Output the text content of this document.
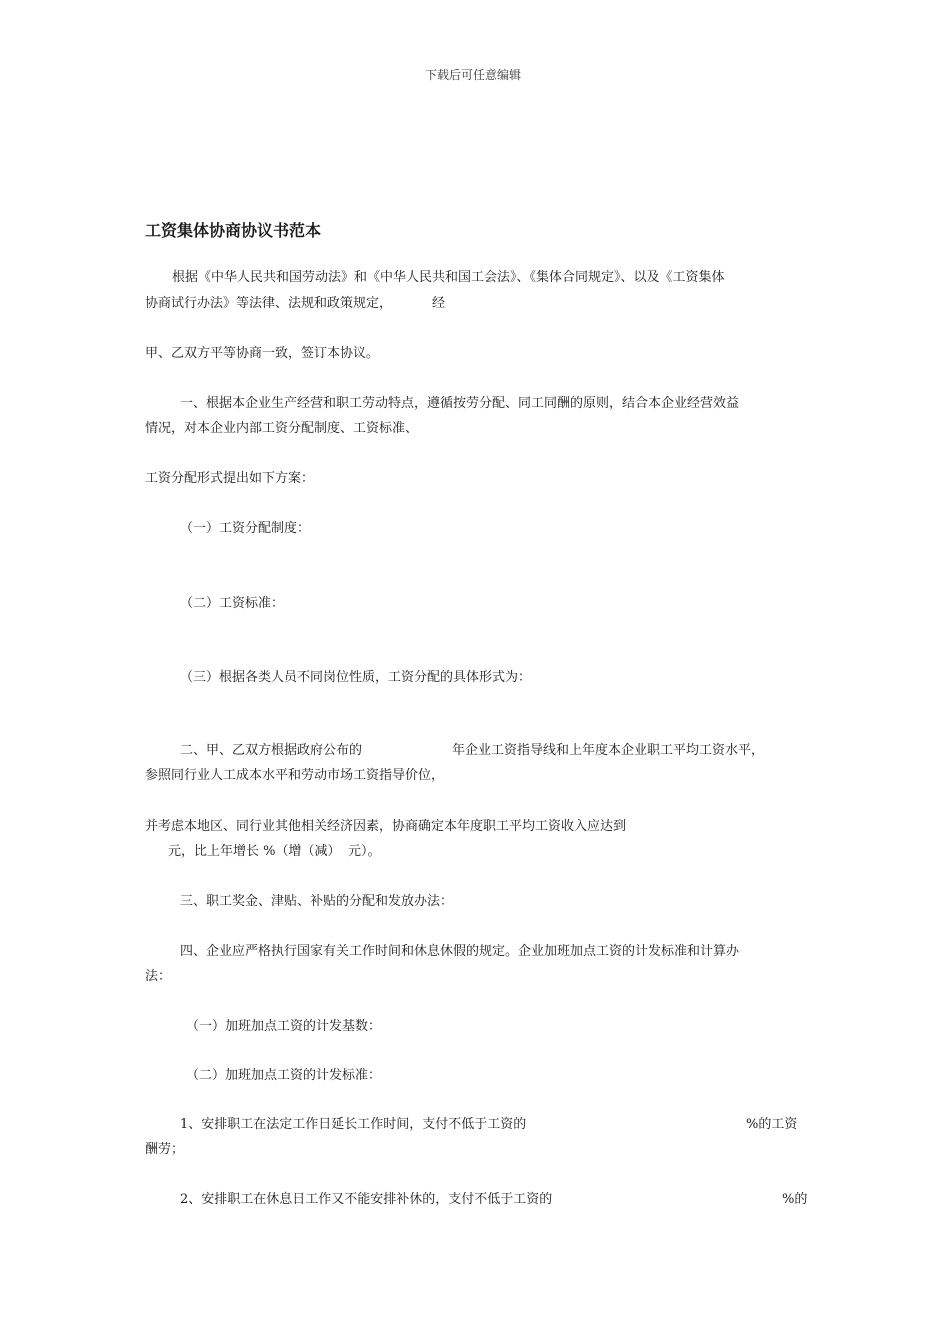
下载后可任意编辑

工资集体协商协议书范本

根据《中华人民共和国劳动法》和《中华人民共和国工会法》、《集体合同规定》、以及《工资集体

协商试行办法》等法律、法规和政策规定，	经

甲、乙双方平等协商一致，签订本协议。

一、根据本企业生产经营和职工劳动特点，遵循按劳分配、同工同酬的原则，结合本企业经营效益

情况，对本企业内部工资分配制度、工资标准、

工资分配形式提出如下方案：

（一）工资分配制度：

（二）工资标准：

（三）根据各类人员不同岗位性质，工资分配的具体形式为：

二、甲、乙双方根据政府公布的	年企业工资指导线和上年度本企业职工平均工资水平，

参照同行业人工成本水平和劳动市场工资指导价位，

并考虑本地区、同行业其他相关经济因素，协商确定本年度职工平均工资收入应达到

元，比上年增长 %（增（减） 元）。

三、职工奖金、津贴、补贴的分配和发放办法：

四、企业应严格执行国家有关工作时间和休息休假的规定。企业加班加点工资的计发标准和计算办

法：

（一）加班加点工资的计发基数：

（二）加班加点工资的计发标准：

1、安排职工在法定工作日延长工作时间，支付不低于工资的	%的工资

酬劳；

2、安排职工在休息日工作又不能安排补休的，支付不低于工资的	%的
